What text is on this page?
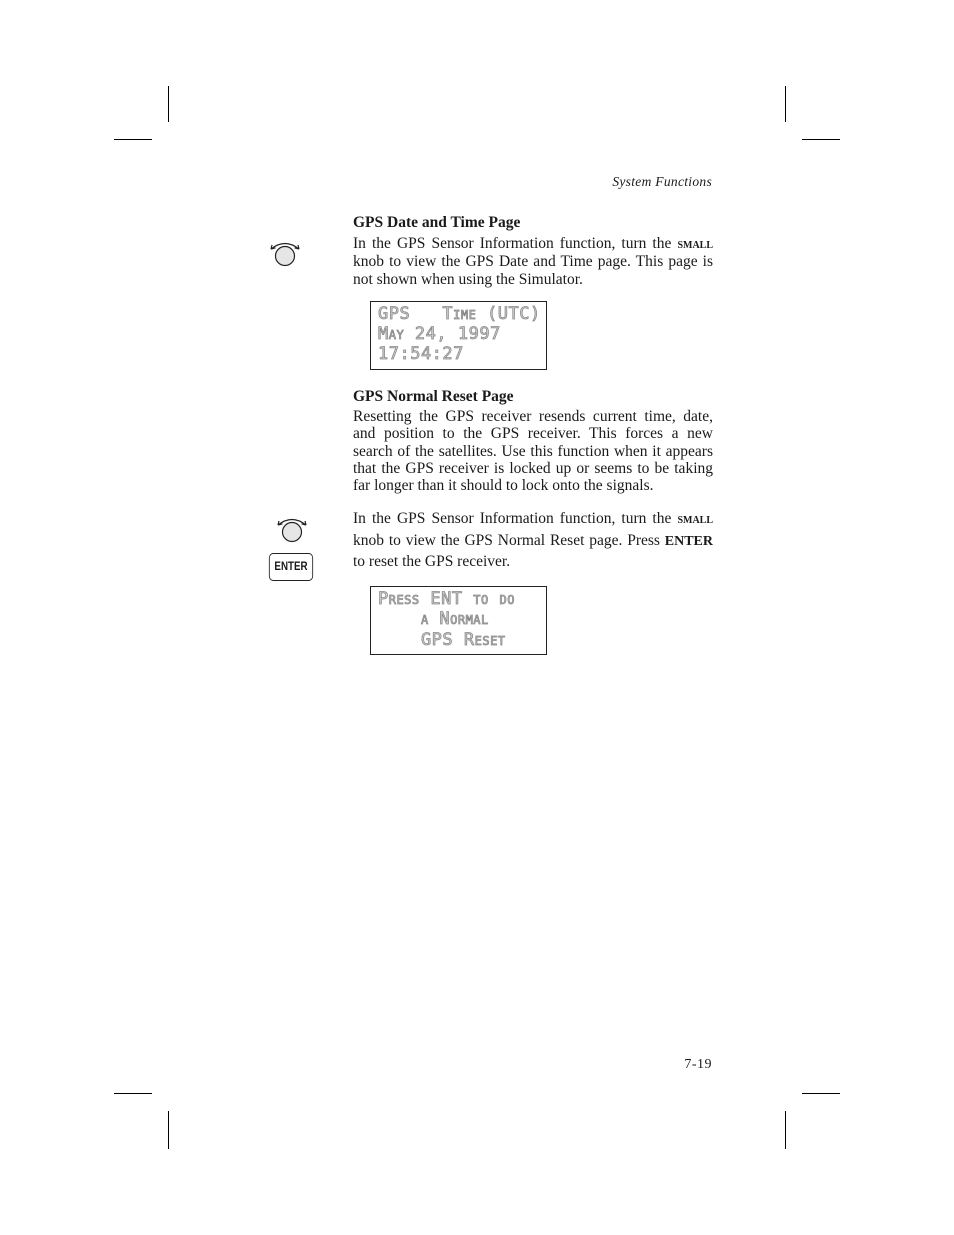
System Functions
GPS Date and Time Page

In the GPS Sensor Information function, turn the small knob to view the GPS Date and Time page. This page is not shown when using the Simulator.

GPS   Time (UTC)
May 24, 1997
17:54:27
GPS Normal Reset Page

Resetting the GPS receiver resends current time, date, and position to the GPS receiver. This forces a new search of the satellites. Use this function when it appears that the GPS receiver is locked up or seems to be taking far longer than it should to lock onto the signals.

In the GPS Sensor Information function, turn the small knob to view the GPS Normal Reset page. Press ENTER to reset the GPS receiver.

ENTER
Press ENT to do
a Normal
GPS Reset
7-19
